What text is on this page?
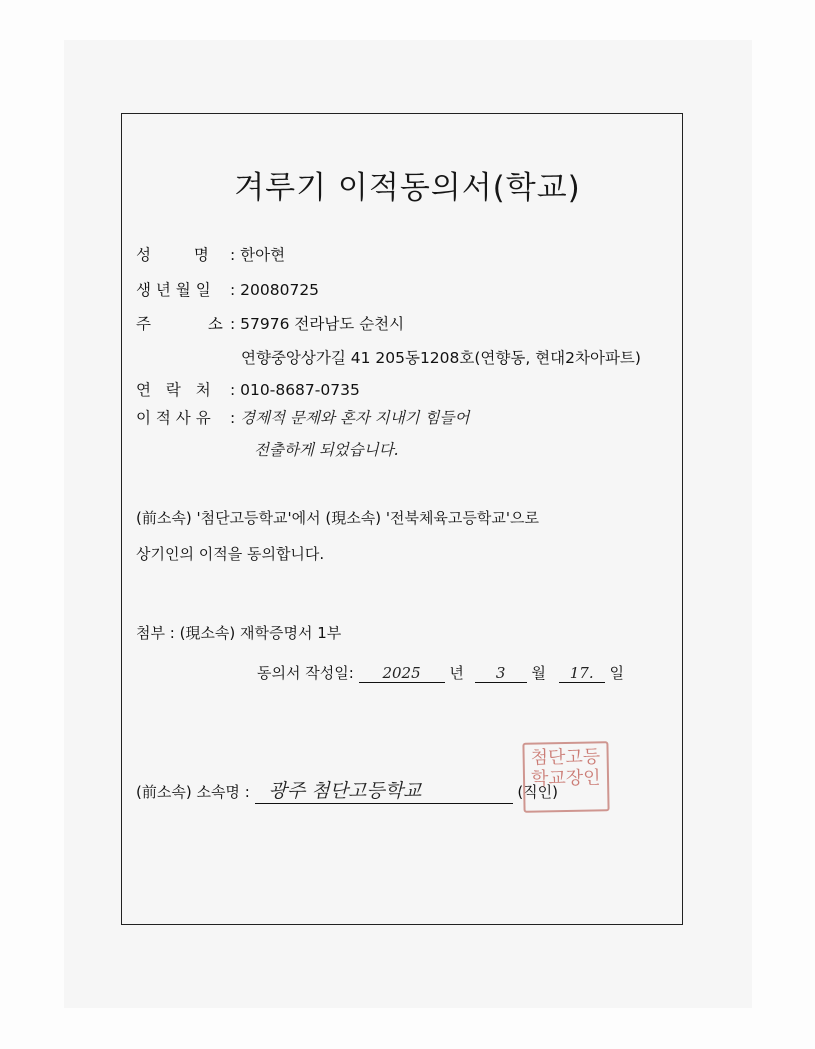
겨루기 이적동의서(학교)
성 명 : 한아현
생 년 월 일 : 20080725
주 소 : 57976 전라남도 순천시
연향중앙상가길 41 205동1208호(연향동, 현대2차아파트)
연 락 처 : 010-8687-0735
이 적 사 유 : 경제적 문제와 혼자 지내기 힘들어
전출하게 되었습니다.
(前소속) '첨단고등학교'에서 (現소속) '전북체육고등학교'으로
상기인의 이적을 동의합니다.
첨부 : (現소속) 재학증명서 1부
동의서 작성일: 2025 년 3 월 17. 일
(前소속) 소속명 : 광주 첨단고등학교	(직인)
첨단고등학교장인
